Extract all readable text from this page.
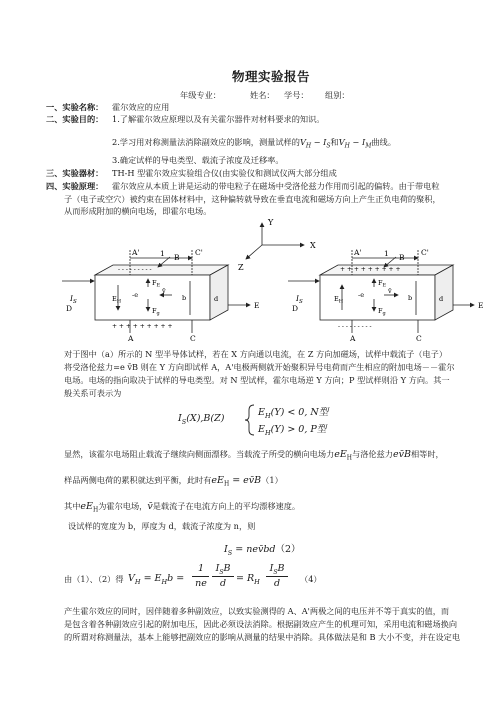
物理实验报告
年级专业：	姓名： 学号： 组别：
一、实验名称： 霍尔效应的应用
二、实验目的： 1.了解霍尔效应原理以及有关霍尔器件对材料要求的知识。
2.学习用对称测量法消除副效应的影响，测量试样的$V_H - I_S$和$V_H - I_M$曲线。
3.确定试样的导电类型、载流子浓度及迁移率。
三、实验器材： TH-H 型霍尔效应实验组合仪(由实验仪和测试仪两大部分组成
四、实验原理： 霍尔效应从本质上讲是运动的带电粒子在磁场中受洛伦兹力作用而引起的偏转。由于带电粒
子（电子或空穴）被约束在固体材料中，这种偏转就导致在垂直电流和磁场方向上产生正负电荷的聚积，
从而形成附加的横向电场，即霍尔电场。
Y
X
Z
A'	1	C'
B
- - - - - - - - -
$I_S$
D	E
$E_H$
$F_E$
$F_g$
-e	v̄
b	d
+ + + + + + + + +
A	C
A'	1	C'
B
+ + + + + + + + +
$I_S$
D	E
$E_H$
$F_E$
$F_g$
-e	v̄
b	d
- - - - - - - - -
A	C
对于图中（a）所示的 N 型半导体试样，若在 X 方向通以电流，在 Z 方向加磁场，试样中载流子（电子）
将受洛伦兹力=e v̄B 则在 Y 方向即试样 A，A'电极两侧就开始聚积异号电荷而产生相应的附加电场－－霍尔
电场。电场的指向取决于试样的导电类型。对 N 型试样，霍尔电场逆 Y 方向；P 型试样则沿 Y 方向。其一
般关系可表示为
$I_S(X),B(Z)$
$E_H(Y) < 0$, N型
$E_H(Y) > 0$, P型
显然，该霍尔电场阻止载流子继续向侧面漂移。当载流子所受的横向电场力$eE_H$与洛伦兹力ev̄B相等时，
样品两侧电荷的累积就达到平衡，此时有$eE_H$ = ev̄B（1）
其中$eE_H$为霍尔电场，v̄是载流子在电流方向上的平均漂移速度。
设试样的宽度为 b，厚度为 d，载流子浓度为 n，则
$I_S$ = nev̄bd（2）
由（1）、（2）得 $V_H = E_Hb$ =
1
ne
$I_SB$
d	= $R_H$
$I_SB$
d	（4）
产生霍尔效应的同时，因伴随着多种副效应，以致实验测得的 A、A'两极之间的电压并不等于真实的值，而
是包含着各种副效应引起的附加电压，因此必须设法消除。根据副效应产生的机理可知，采用电流和磁场换向
的所谓对称测量法，基本上能够把副效应的影响从测量的结果中消除。具体做法是和 B 大小不变，并在设定电
